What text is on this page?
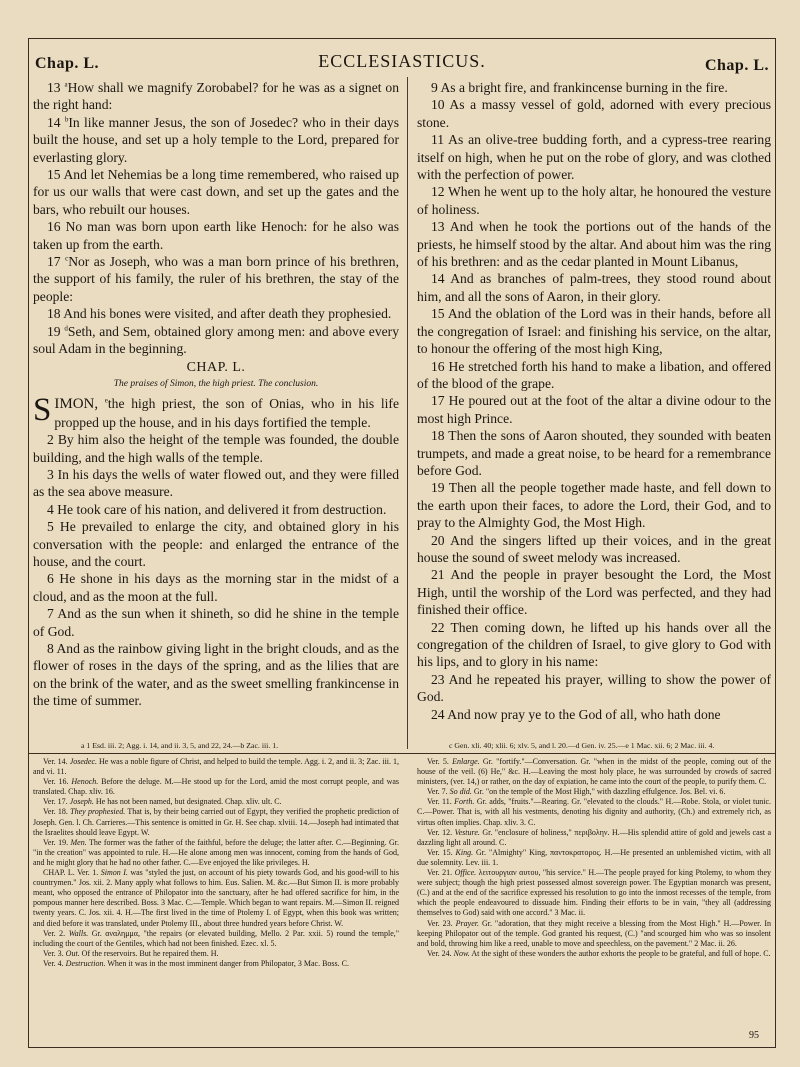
Chap. L.	ECCLESIASTICUS.	Chap. L.

13 $^a$How shall we magnify Zorobabel? for he was as a signet on the right hand:

14 $^b$In like manner Jesus, the son of Josedec? who in their days built the house, and set up a holy temple to the Lord, prepared for everlasting glory.

15 And let Nehemias be a long time remembered, who raised up for us our walls that were cast down, and set up the gates and the bars, who rebuilt our houses.

16 No man was born upon earth like Henoch: for he also was taken up from the earth.

17 $^c$Nor as Joseph, who was a man born prince of his brethren, the support of his family, the ruler of his brethren, the stay of the people:

18 And his bones were visited, and after death they prophesied.

19 $^d$Seth, and Sem, obtained glory among men: and above every soul Adam in the beginning.

CHAP. L.
The praises of Simon, the high priest. The conclusion.

SIMON, $^e$the high priest, the son of Onias, who in his life propped up the house, and in his days fortified the temple.

2 By him also the height of the temple was founded, the double building, and the high walls of the temple.

3 In his days the wells of water flowed out, and they were filled as the sea above measure.

4 He took care of his nation, and delivered it from destruction.

5 He prevailed to enlarge the city, and obtained glory in his conversation with the people: and enlarged the entrance of the house, and the court.

6 He shone in his days as the morning star in the midst of a cloud, and as the moon at the full.

7 And as the sun when it shineth, so did he shine in the temple of God.

8 And as the rainbow giving light in the bright clouds, and as the flower of roses in the days of the spring, and as the lilies that are on the brink of the water, and as the sweet smelling frankincense in the time of summer.

9 As a bright fire, and frankincense burning in the fire.

10 As a massy vessel of gold, adorned with every precious stone.

11 As an olive-tree budding forth, and a cypress-tree rearing itself on high, when he put on the robe of glory, and was clothed with the perfection of power.

12 When he went up to the holy altar, he honoured the vesture of holiness.

13 And when he took the portions out of the hands of the priests, he himself stood by the altar. And about him was the ring of his brethren: and as the cedar planted in Mount Libanus,

14 And as branches of palm-trees, they stood round about him, and all the sons of Aaron, in their glory.

15 And the oblation of the Lord was in their hands, before all the congregation of Israel: and finishing his service, on the altar, to honour the offering of the most high King,

16 He stretched forth his hand to make a libation, and offered of the blood of the grape.

17 He poured out at the foot of the altar a divine odour to the most high Prince.

18 Then the sons of Aaron shouted, they sounded with beaten trumpets, and made a great noise, to be heard for a remembrance before God.

19 Then all the people together made haste, and fell down to the earth upon their faces, to adore the Lord, their God, and to pray to the Almighty God, the Most High.

20 And the singers lifted up their voices, and in the great house the sound of sweet melody was increased.

21 And the people in prayer besought the Lord, the Most High, until the worship of the Lord was perfected, and they had finished their office.

22 Then coming down, he lifted up his hands over all the congregation of the children of Israel, to give glory to God with his lips, and to glory in his name:

23 And he repeated his prayer, willing to show the power of God.

24 And now pray ye to the God of all, who hath done

a 1 Esd. iii. 2; Agg. i. 14, and ii. 3, 5, and 22, 24.—b Zac. iii. 1.	c Gen. xli. 40; xlii. 6; xlv. 5, and l. 20.—d Gen. iv. 25.—e 1 Mac. xii. 6; 2 Mac. iii. 4.

Ver. 14. Josedec. He was a noble figure of Christ, and helped to build the temple. Agg. i. 2, and ii. 3; Zac. iii. 1, and vi. 11.

Ver. 16. Henoch. Before the deluge. M.—He stood up for the Lord, amid the most corrupt people, and was translated. Chap. xliv. 16.

Ver. 17. Joseph. He has not been named, but designated. Chap. xliv. ult. C.

Ver. 18. They prophesied. That is, by their being carried out of Egypt, they verified the prophetic prediction of Joseph. Gen. l. Ch. Carrieres.—This sentence is omitted in Gr. H. See chap. xlviii. 14.—Joseph had intimated that the Israelites should leave Egypt. W.

Ver. 19. Men. The former was the father of the faithful, before the deluge; the latter after. C.—Beginning. Gr. "in the creation" was appointed to rule. H.—He alone among men was innocent, coming from the hands of God, and he might glory that he had no other father. C.—Eve enjoyed the like privileges. H.

CHAP. L. Ver. 1. Simon I. was "styled the just, on account of his piety towards God, and his good-will to his countrymen." Jos. xii. 2. Many apply what follows to him. Eus. Salien. M. &c.—But Simon II. is more probably meant, who opposed the entrance of Philopator into the sanctuary, after he had offered sacrifice for him, in the pompous manner here described. Boss. 3 Mac. C.—Temple. Which began to want repairs. M.—Simon II. reigned twenty years. C. Jos. xii. 4. H.—The first lived in the time of Ptolemy I. of Egypt, when this book was written; and died before it was translated, under Ptolemy III., about three hundred years before Christ. W.

Ver. 2. Walls. Gr. αναλημμα, "the repairs (or elevated building, Mello. 2 Par. xxii. 5) round the temple," including the court of the Gentiles, which had not been finished. Ezec. xl. 5.

Ver. 3. Out. Of the reservoirs. But he repaired them. H.

Ver. 4. Destruction. When it was in the most imminent danger from Philopator, 3 Mac. Boss. C.

Ver. 5. Enlarge. Gr. "fortify."—Conversation. Gr. "when in the midst of the people, coming out of the house of the veil. (6) He," &c. H.—Leaving the most holy place, he was surrounded by crowds of sacred ministers, (ver. 14,) or rather, on the day of expiation, he came into the court of the people, to purify them. C.

Ver. 7. So did. Gr. "on the temple of the Most High," with dazzling effulgence. Jos. Bel. vi. 6.

Ver. 11. Forth. Gr. adds, "fruits."—Rearing. Gr. "elevated to the clouds." H.—Robe. Stola, or violet tunic. C.—Power. That is, with all his vestments, denoting his dignity and authority, (Ch.) and extremely rich, as virtus often implies. Chap. xliv. 3. C.

Ver. 12. Vesture. Gr. "enclosure of holiness," περιβολην. H.—His splendid attire of gold and jewels cast a dazzling light all around. C.

Ver. 15. King. Gr. "Almighty" King, παντοκρατορος. H.—He presented an unblemished victim, with all due solemnity. Lev. iii. 1.

Ver. 21. Office. λειτουργιαν αυτου, "his service." H.—The people prayed for king Ptolemy, to whom they were subject; though the high priest possessed almost sovereign power. The Egyptian monarch was present, (C.) and at the end of the sacrifice expressed his resolution to go into the inmost recesses of the temple, from which the people endeavoured to dissuade him. Finding their efforts to be in vain, "they all (addressing themselves to God) said with one accord." 3 Mac. ii.

Ver. 23. Prayer. Gr. "adoration, that they might receive a blessing from the Most High." H.—Power. In keeping Philopator out of the temple. God granted his request, (C.) "and scourged him who was so insolent and bold, throwing him like a reed, unable to move and speechless, on the pavement." 2 Mac. ii. 26.

Ver. 24. Now. At the sight of these wonders the author exhorts the people to be grateful, and full of hope. C.

95
